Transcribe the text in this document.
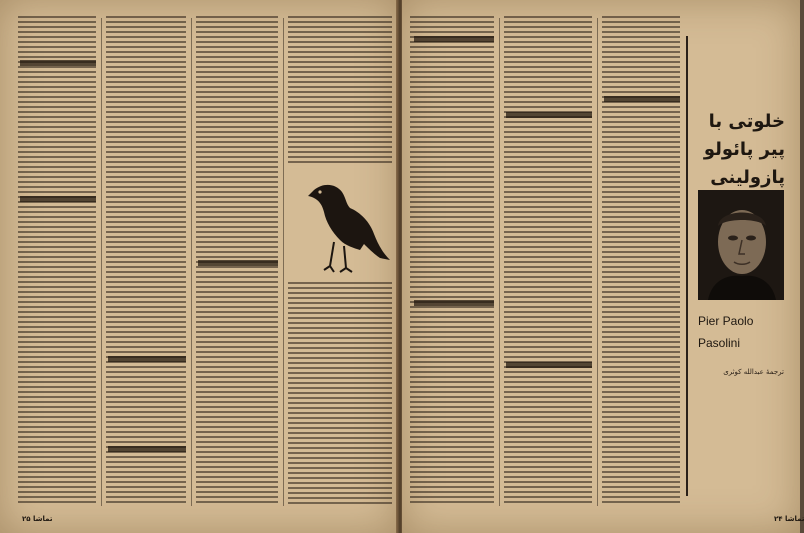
۲۵ تماشا	تماشا ۲۴
خلوتی با
پیر پائولو
پازولینی
Pier Paolo
Pasolini
ترجمهٔ عبدالله کوثری
